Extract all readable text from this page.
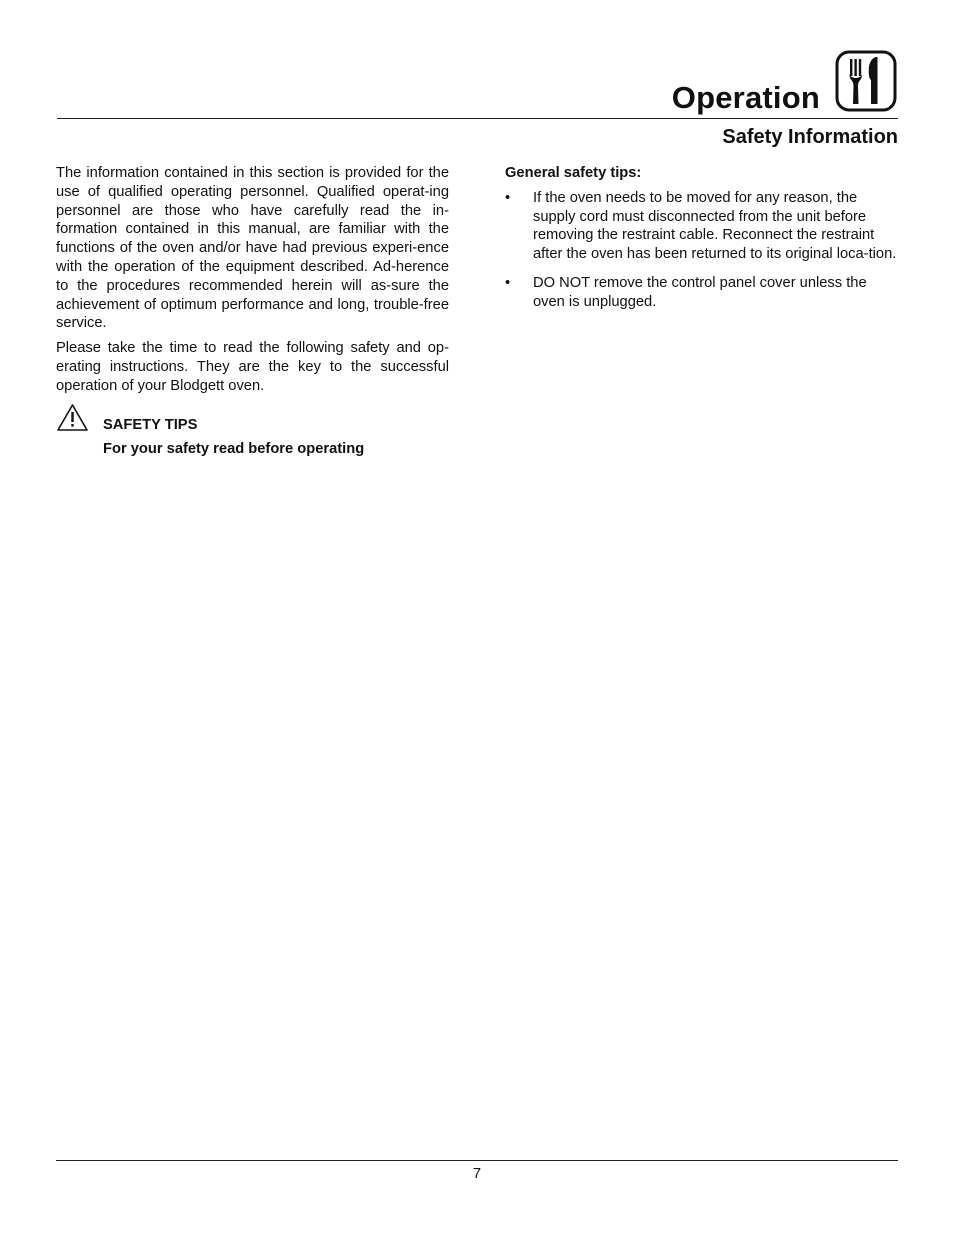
Operation
Safety Information

The information contained in this section is provided for the use of qualified operating personnel. Qualified operat-ing personnel are those who have carefully read the in-formation contained in this manual, are familiar with the functions of the oven and/or have had previous experi-ence with the operation of the equipment described. Ad-herence to the procedures recommended herein will as-sure the achievement of optimum performance and long, trouble-free service.

Please take the time to read the following safety and op-erating instructions. They are the key to the successful operation of your Blodgett oven.

SAFETY TIPS
For your safety read before operating
General safety tips:
• If the oven needs to be moved for any reason, the supply cord must disconnected from the unit before removing the restraint cable. Reconnect the restraint after the oven has been returned to its original loca-tion.
• DO NOT remove the control panel cover unless the oven is unplugged.
7
